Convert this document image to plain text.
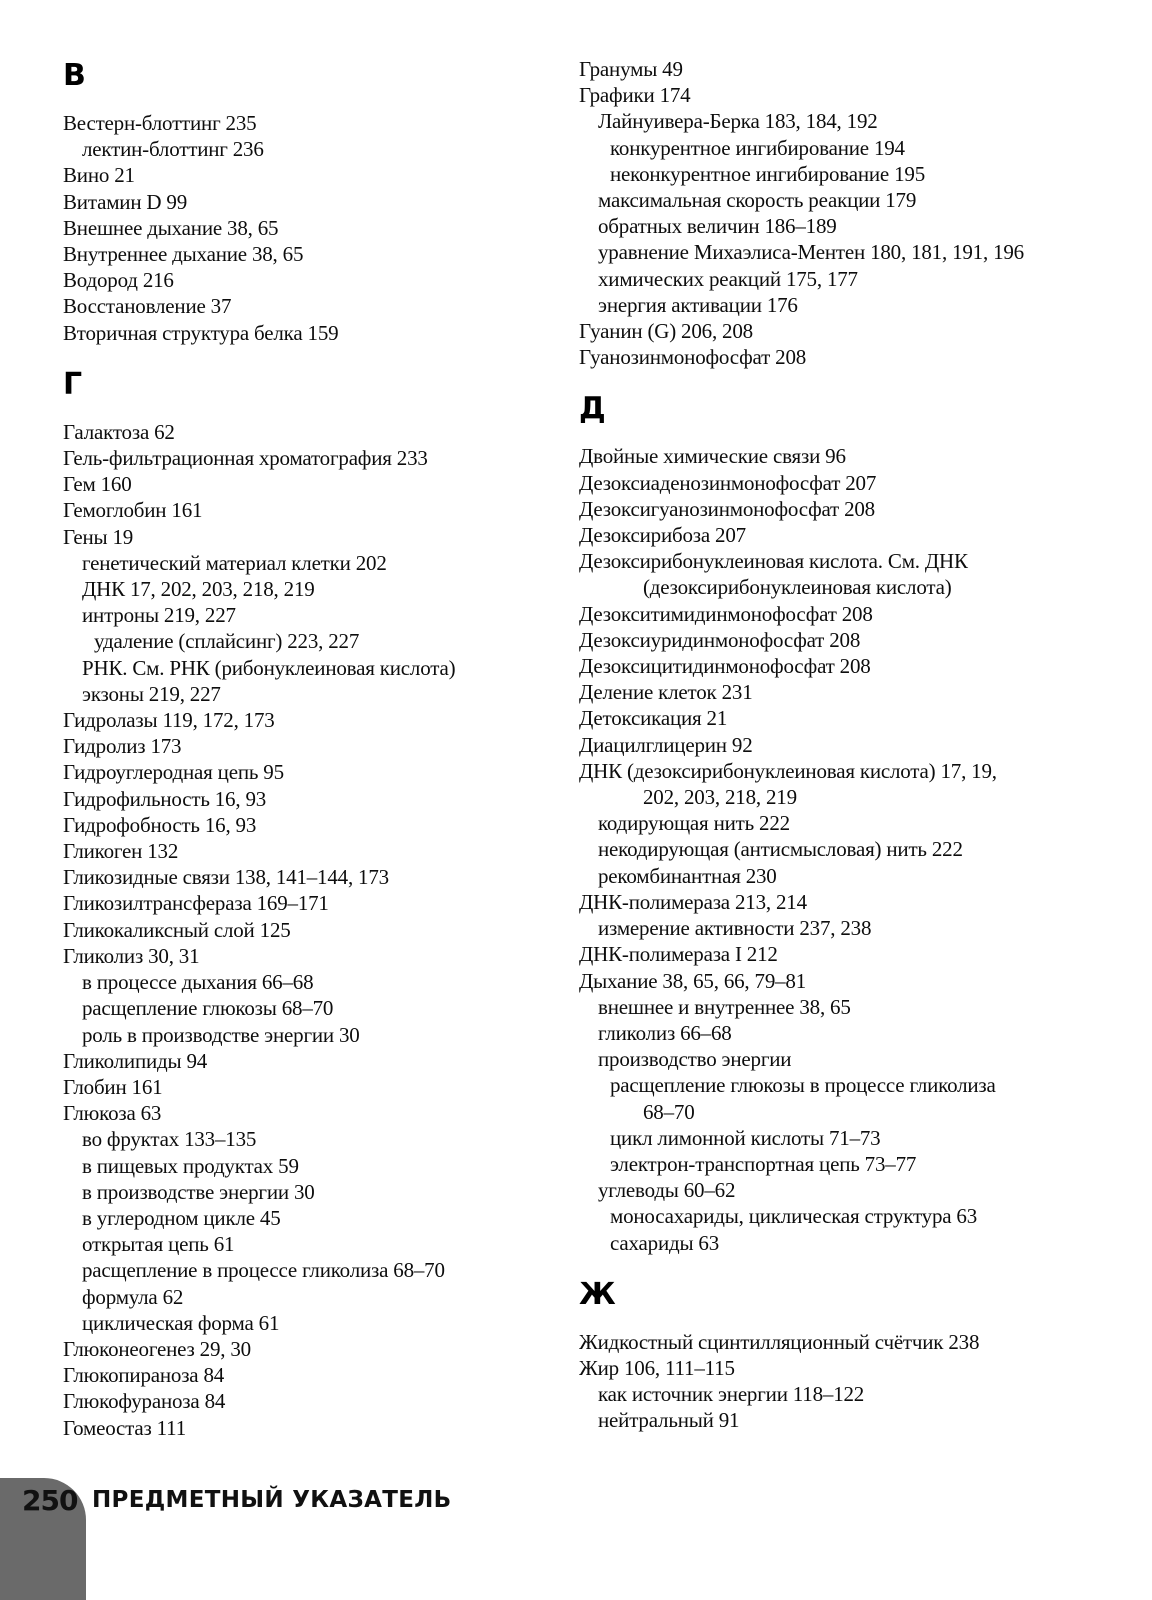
В
Вестерн-блоттинг 235
лектин-блоттинг 236
Вино 21
Витамин D 99
Внешнее дыхание 38, 65
Внутреннее дыхание 38, 65
Водород 216
Восстановление 37
Вторичная структура белка 159
Г
Галактоза 62
Гель-фильтрационная хроматография 233
Гем 160
Гемоглобин 161
Гены 19
генетический материал клетки 202
ДНК 17, 202, 203, 218, 219
интроны 219, 227
удаление (сплайсинг) 223, 227
РНК. См. РНК (рибонуклеиновая кислота)
экзоны 219, 227
Гидролазы 119, 172, 173
Гидролиз 173
Гидроуглеродная цепь 95
Гидрофильность 16, 93
Гидрофобность 16, 93
Гликоген 132
Гликозидные связи 138, 141–144, 173
Гликозилтрансфераза 169–171
Гликокаликсный слой 125
Гликолиз 30, 31
в процессе дыхания 66–68
расщепление глюкозы 68–70
роль в производстве энергии 30
Гликолипиды 94
Глобин 161
Глюкоза 63
во фруктах 133–135
в пищевых продуктах 59
в производстве энергии 30
в углеродном цикле 45
открытая цепь 61
расщепление в процессе гликолиза 68–70
формула 62
циклическая форма 61
Глюконеогенез 29, 30
Глюкопираноза 84
Глюкофураноза 84
Гомеостаз 111
Гранумы 49
Графики 174
Лайнуивера-Берка 183, 184, 192
конкурентное ингибирование 194
неконкурентное ингибирование 195
максимальная скорость реакции 179
обратных величин 186–189
уравнение Михаэлиса-Ментен 180, 181, 191, 196
химических реакций 175, 177
энергия активации 176
Гуанин (G) 206, 208
Гуанозинмонофосфат 208
Д
Двойные химические связи 96
Дезоксиаденозинмонофосфат 207
Дезоксигуанозинмонофосфат 208
Дезоксирибоза 207
Дезоксирибонуклеиновая кислота. См. ДНК
(дезоксирибонуклеиновая кислота)
Дезокситимидинмонофосфат 208
Дезоксиуридинмонофосфат 208
Дезоксицитидинмонофосфат 208
Деление клеток 231
Детоксикация 21
Диацилглицерин 92
ДНК (дезоксирибонуклеиновая кислота) 17, 19,
202, 203, 218, 219
кодирующая нить 222
некодирующая (антисмысловая) нить 222
рекомбинантная 230
ДНК-полимераза 213, 214
измерение активности 237, 238
ДНК-полимераза I 212
Дыхание 38, 65, 66, 79–81
внешнее и внутреннее 38, 65
гликолиз 66–68
производство энергии
расщепление глюкозы в процессе гликолиза
68–70
цикл лимонной кислоты 71–73
электрон-транспортная цепь 73–77
углеводы 60–62
моносахариды, циклическая структура 63
сахариды 63
Ж
Жидкостный сцинтилляционный счётчик 238
Жир 106, 111–115
как источник энергии 118–122
нейтральный 91
250 ПРЕДМЕТНЫЙ УКАЗАТЕЛЬ
